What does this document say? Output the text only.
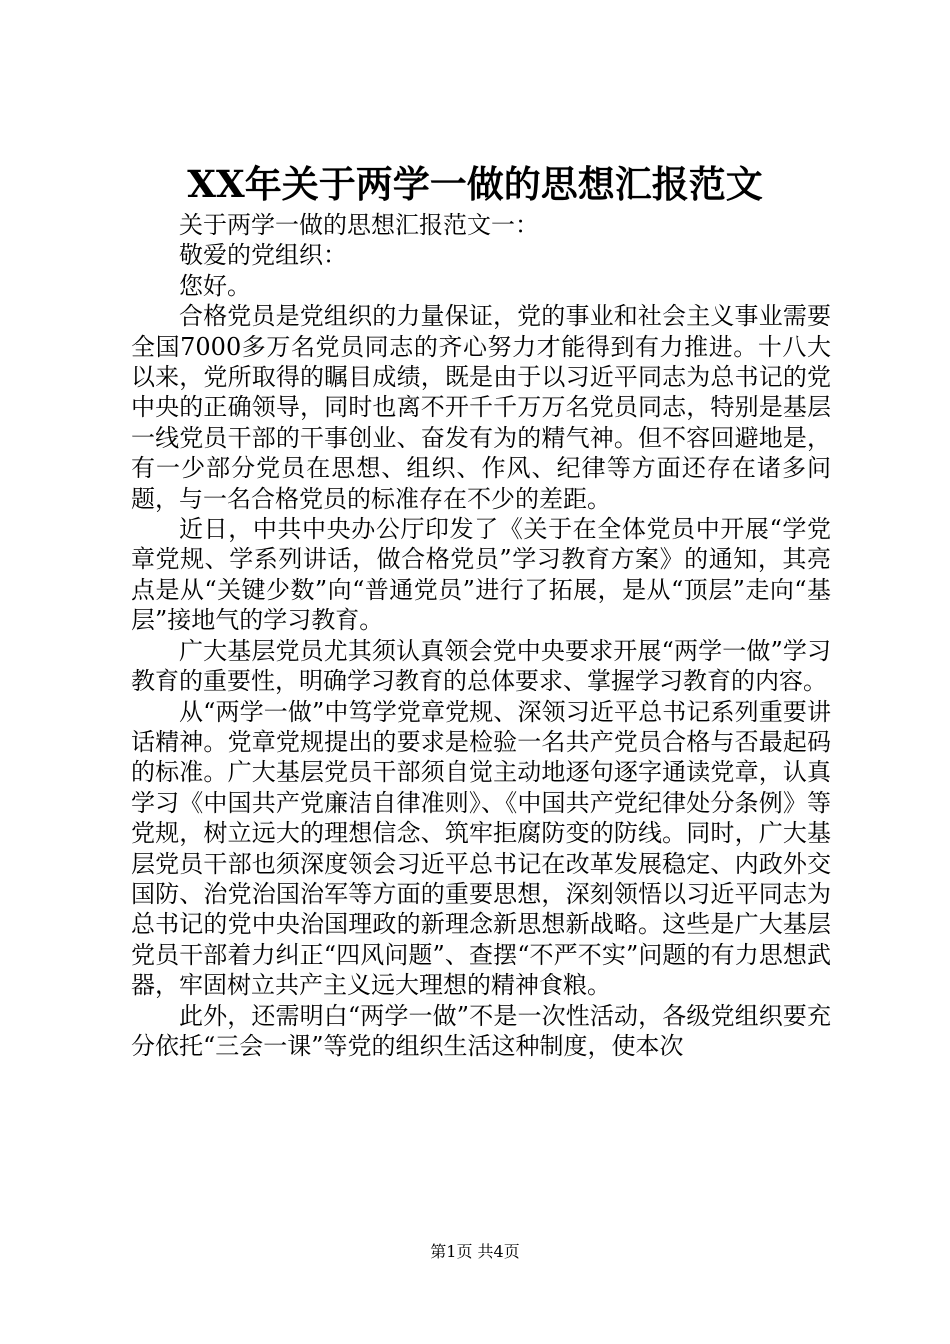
XX年关于两学一做的思想汇报范文

关于两学一做的思想汇报范文一：

敬爱的党组织：

您好。

合格党员是党组织的力量保证，党的事业和社会主义事业需要全国7000多万名党员同志的齐心努力才能得到有力推进。十八大以来，党所取得的瞩目成绩，既是由于以习近平同志为总书记的党中央的正确领导，同时也离不开千千万万名党员同志，特别是基层一线党员干部的干事创业、奋发有为的精气神。但不容回避地是，有一少部分党员在思想、组织、作风、纪律等方面还存在诸多问题，与一名合格党员的标准存在不少的差距。

近日，中共中央办公厅印发了《关于在全体党员中开展“学党章党规、学系列讲话，做合格党员”学习教育方案》的通知，其亮点是从“关键少数”向“普通党员”进行了拓展，是从“顶层”走向“基层”接地气的学习教育。

广大基层党员尤其须认真领会党中央要求开展“两学一做”学习教育的重要性，明确学习教育的总体要求、掌握学习教育的内容。

从“两学一做”中笃学党章党规、深领习近平总书记系列重要讲话精神。党章党规提出的要求是检验一名共产党员合格与否最起码的标准。广大基层党员干部须自觉主动地逐句逐字通读党章，认真学习《中国共产党廉洁自律准则》、《中国共产党纪律处分条例》等党规，树立远大的理想信念、筑牢拒腐防变的防线。同时，广大基层党员干部也须深度领会习近平总书记在改革发展稳定、内政外交国防、治党治国治军等方面的重要思想，深刻领悟以习近平同志为总书记的党中央治国理政的新理念新思想新战略。这些是广大基层党员干部着力纠正“四风问题”、查摆“不严不实”问题的有力思想武器，牢固树立共产主义远大理想的精神食粮。

此外，还需明白“两学一做”不是一次性活动，各级党组织要充分依托“三会一课”等党的组织生活这种制度，使本次

第1页 共4页
